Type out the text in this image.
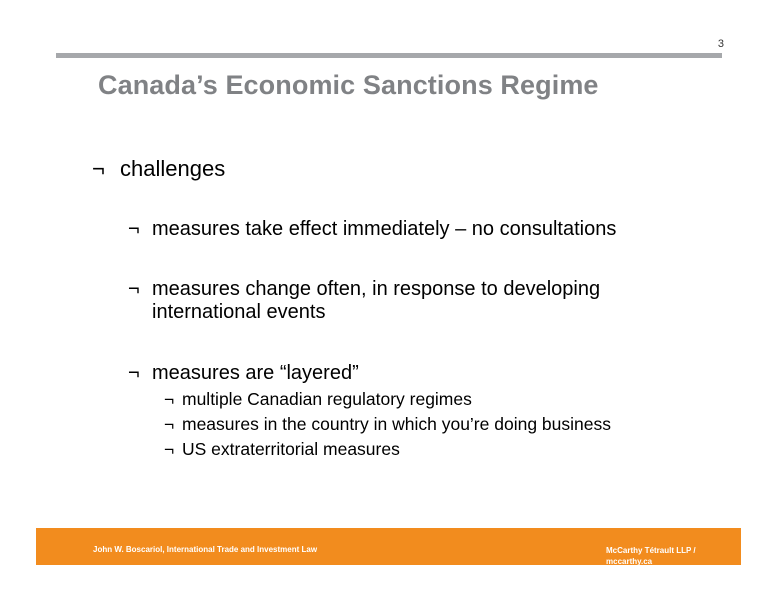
3
Canada’s Economic Sanctions Regime
¬ challenges
¬ measures take effect immediately – no consultations
¬ measures change often, in response to developing international events
¬ measures are “layered”
¬ multiple Canadian regulatory regimes
¬ measures in the country in which you’re doing business
¬ US extraterritorial measures
John W. Boscariol, International Trade and Investment Law	McCarthy Tétrault LLP /
mccarthy.ca
